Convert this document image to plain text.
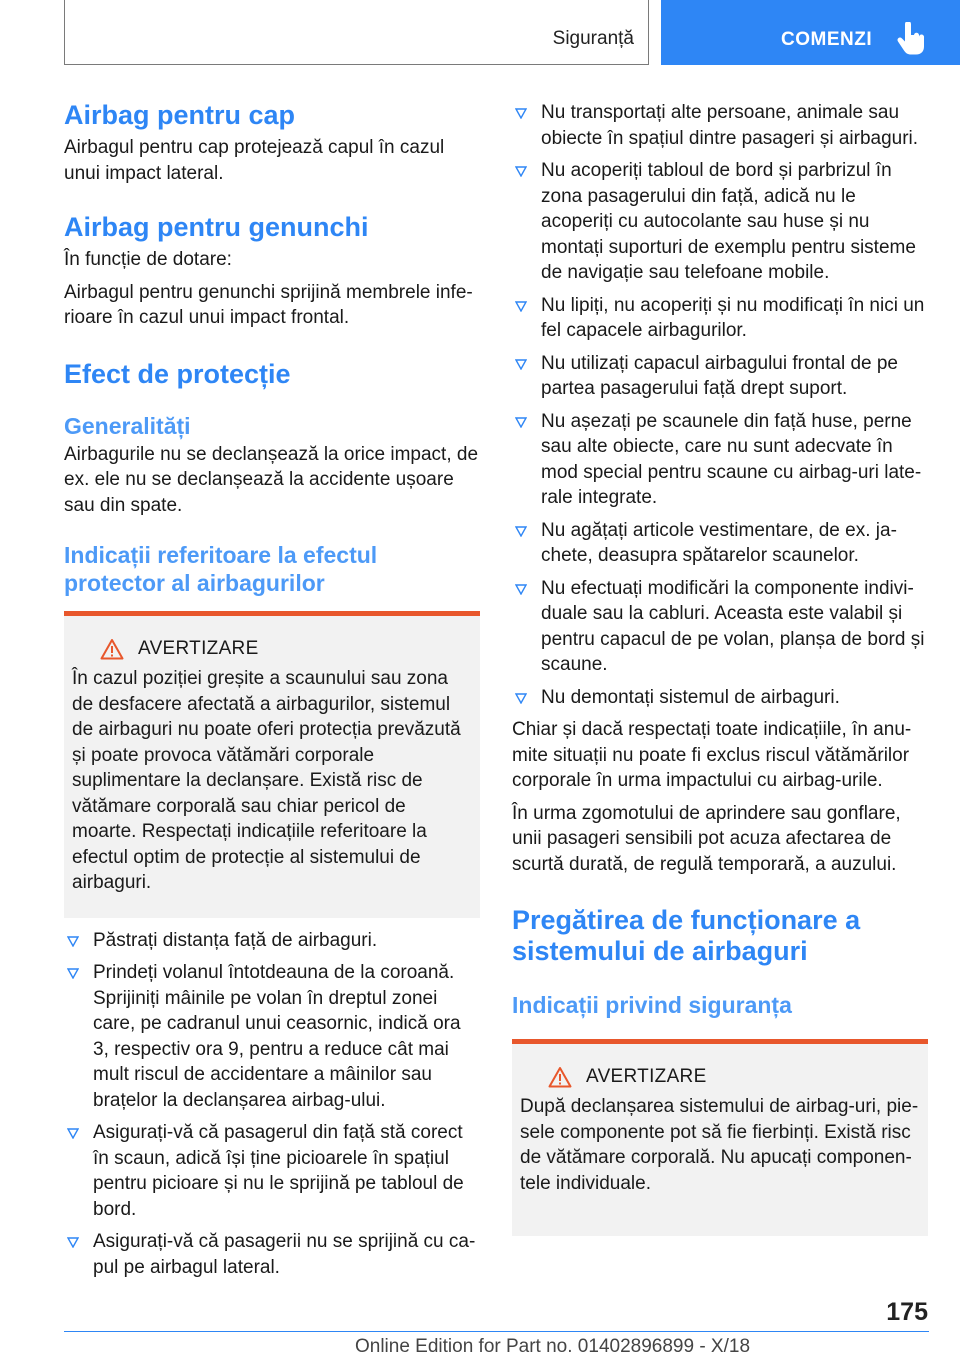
Siguranță	COMENZI
Airbag pentru cap
Airbagul pentru cap protejează capul în cazul unui impact lateral.
Airbag pentru genunchi
În funcție de dotare:
Airbagul pentru genunchi sprijină membrele inferioare în cazul unui impact frontal.
Efect de protecție
Generalități
Airbagurile nu se declanșează la orice impact, de ex. ele nu se declanșează la accidente ușoare sau din spate.
Indicații referitoare la efectul protector al airbagurilor
AVERTIZARE
În cazul poziției greșite a scaunului sau zona de desfacere afectată a airbagurilor, sistemul de airbaguri nu poate oferi protecția prevăzută și poate provoca vătămări corporale suplimentare la declanșare. Există risc de vătămare corporală sau chiar pericol de moarte. Respectați indicațiile referitoare la efectul optim de protecție al sistemului de airbaguri.
Păstrați distanța față de airbaguri.
Prindeți volanul întotdeauna de la coroană. Sprijiniți mâinile pe volan în dreptul zonei care, pe cadranul unui ceasornic, indică ora 3, respectiv ora 9, pentru a reduce cât mai mult riscul de accidentare a mâinilor sau brațelor la declanșarea airbag-ului.
Asigurați-vă că pasagerul din față stă corect în scaun, adică își ține picioarele în spațiul pentru picioare și nu le sprijină pe tabloul de bord.
Asigurați-vă că pasagerii nu se sprijină cu capul pe airbagul lateral.
Nu transportați alte persoane, animale sau obiecte în spațiul dintre pasageri și airbaguri.
Nu acoperiți tabloul de bord și parbrizul în zona pasagerului din față, adică nu le acoperiți cu autocolante sau huse și nu montați suporturi de exemplu pentru sisteme de navigație sau telefoane mobile.
Nu lipiți, nu acoperiți și nu modificați în nici un fel capacele airbagurilor.
Nu utilizați capacul airbagului frontal de pe partea pasagerului față drept suport.
Nu așezați pe scaunele din față huse, perne sau alte obiecte, care nu sunt adecvate în mod special pentru scaune cu airbag-uri laterale integrate.
Nu agățați articole vestimentare, de ex. jachete, deasupra spătarelor scaunelor.
Nu efectuați modificări la componente individuale sau la cabluri. Aceasta este valabil și pentru capacul de pe volan, planșa de bord și scaune.
Nu demontați sistemul de airbaguri.
Chiar și dacă respectați toate indicațiile, în anumite situații nu poate fi exclus riscul vătămărilor corporale în urma impactului cu airbag-urile.
În urma zgomotului de aprindere sau gonflare, unii pasageri sensibili pot acuza afectarea de scurtă durată, de regulă temporară, a auzului.
Pregătirea de funcționare a sistemului de airbaguri
Indicații privind siguranța
AVERTIZARE
După declanșarea sistemului de airbag-uri, piesele componente pot să fie fierbinți. Există risc de vătămare corporală. Nu apucați componentele individuale.
175
Online Edition for Part no. 01402896899 - X/18
